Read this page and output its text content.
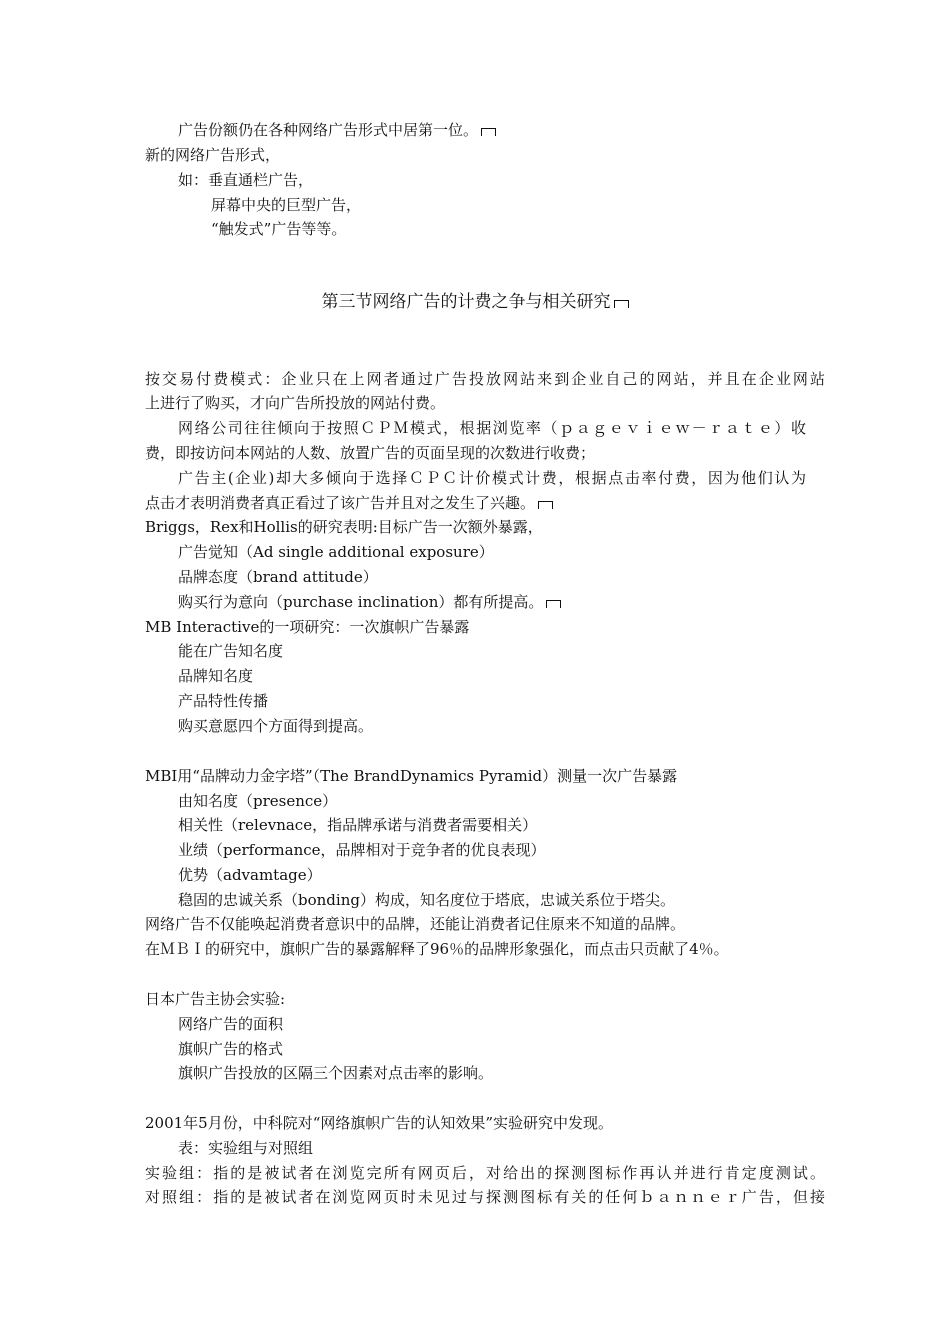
广告份额仍在各种网络广告形式中居第一位。
新的网络广告形式，
如：垂直通栏广告，
屏幕中央的巨型广告，
“触发式”广告等等。
第三节网络广告的计费之争与相关研究
按交易付费模式：企业只在上网者通过广告投放网站来到企业自己的网站，并且在企业网站
上进行了购买，才向广告所投放的网站付费。
网络公司往往倾向于按照ＣＰＭ模式，根据浏览率（ｐａｇｅｖｉｅｗ－ｒａｔｅ）收
费，即按访问本网站的人数、放置广告的页面呈现的次数进行收费；
广告主(企业)却大多倾向于选择ＣＰＣ计价模式计费，根据点击率付费，因为他们认为
点击才表明消费者真正看过了该广告并且对之发生了兴趣。
Briggs，Rex和Hollis的研究表明:目标广告一次额外暴露，
广告觉知（Ad single additional exposure）
品牌态度（brand attitude）
购买行为意向（purchase inclination）都有所提高。
MB Interactive的一项研究：一次旗帜广告暴露
能在广告知名度
品牌知名度
产品特性传播
购买意愿四个方面得到提高。
MBI用“品牌动力金字塔”（The BrandDynamics Pyramid）测量一次广告暴露
由知名度（presence）
相关性（relevnace，指品牌承诺与消费者需要相关）
业绩（performance，品牌相对于竞争者的优良表现）
优势（advamtage）
稳固的忠诚关系（bonding）构成，知名度位于塔底，忠诚关系位于塔尖。
网络广告不仅能唤起消费者意识中的品牌，还能让消费者记住原来不知道的品牌。
在ＭＢＩ的研究中，旗帜广告的暴露解释了96％的品牌形象强化，而点击只贡献了4％。
日本广告主协会实验:
网络广告的面积
旗帜广告的格式
旗帜广告投放的区隔三个因素对点击率的影响。
2001年5月份，中科院对“网络旗帜广告的认知效果”实验研究中发现。
表：实验组与对照组
实验组：指的是被试者在浏览完所有网页后，对给出的探测图标作再认并进行肯定度测试。
对照组：指的是被试者在浏览网页时未见过与探测图标有关的任何ｂａｎｎｅｒ广告，但接
